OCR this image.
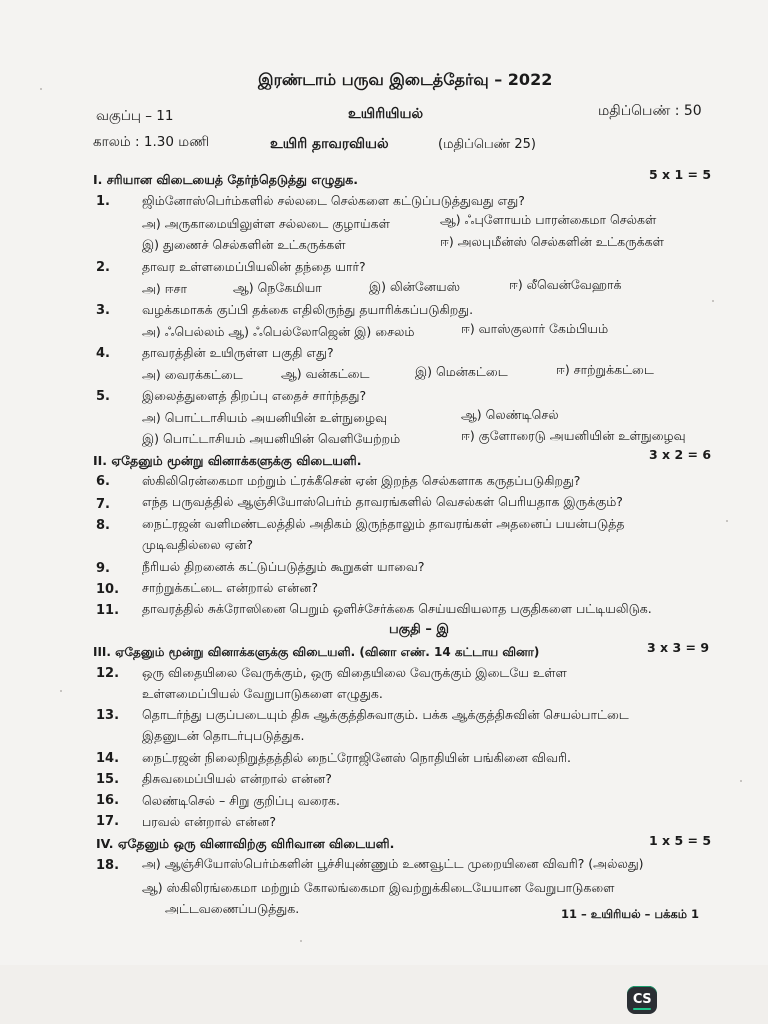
இரண்டாம் பருவ இடைத்தேர்வு – 2022
வகுப்பு – 11	உயிரியியல்	மதிப்பெண் : 50
காலம் : 1.30 மணி	உயிரி தாவரவியல்	(மதிப்பெண் 25)
I. சரியான விடையைத் தேர்ந்தெடுத்து எழுதுக.	5 x 1 = 5
1.	ஜிம்னோஸ்பெர்ம்களில் சல்லடை செல்களை கட்டுப்படுத்துவது எது?
அ) அருகாமையிலுள்ள சல்லடை குழாய்கள்	ஆ) ஃபுளோயம் பாரன்கைமா செல்கள்
இ) துணைச் செல்களின் உட்கருக்கள்	ஈ) அலபுமீன்ஸ் செல்களின் உட்கருக்கள்
2.	தாவர உள்ளமைப்பியலின் தந்தை யார்?
அ) ஈசா	ஆ) நெகேமியா	இ) லின்னேயஸ்	ஈ) லீவென்வேஹாக்
3.	வழக்கமாகக் குப்பி தக்கை எதிலிருந்து தயாரிக்கப்படுகிறது.
அ) ஃபெல்லம் ஆ) ஃபெல்லோஜென் இ) சைலம்	ஈ) வாஸ்குலார் கேம்பியம்
4.	தாவரத்தின் உயிருள்ள பகுதி எது?
அ) வைரக்கட்டை	ஆ) வன்கட்டை	இ) மென்கட்டை	ஈ) சாற்றுக்கட்டை
5.	இலைத்துளைத் திறப்பு எதைச் சார்ந்தது?
அ) பொட்டாசியம் அயனியின் உள்நுழைவு	ஆ) லெண்டிசெல்
இ) பொட்டாசியம் அயனியின் வெளியேற்றம்	ஈ) குளோரைடு அயனியின் உள்நுழைவு
II. ஏதேனும் மூன்று வினாக்களுக்கு விடையளி.	3 x 2 = 6
6.	ஸ்கிலிரென்கைமா மற்றும் ட்ரக்கீசென் ஏன் இறந்த செல்களாக கருதப்படுகிறது?
7.	எந்த பருவத்தில் ஆஞ்சியோஸ்பெர்ம் தாவரங்களில் வெசல்கள் பெரியதாக இருக்கும்?
8.	நைட்ரஜன் வளிமண்டலத்தில் அதிகம் இருந்தாலும் தாவரங்கள் அதனைப் பயன்படுத்த
முடிவதில்லை ஏன்?
9.	நீரியல் திறனைக் கட்டுப்படுத்தும் கூறுகள் யாவை?
10. சாற்றுக்கட்டை என்றால் என்ன?
11. தாவரத்தில் சுக்ரோஸினை பெறும் ஒளிச்சேர்க்கை செய்யவியலாத பகுதிகளை பட்டியலிடுக.
பகுதி – இ
III. ஏதேனும் மூன்று வினாக்களுக்கு விடையளி. (வினா எண். 14 கட்டாய வினா)	3 x 3 = 9
12. ஒரு விதையிலை வேருக்கும், ஒரு விதையிலை வேருக்கும் இடையே உள்ள
உள்ளமைப்பியல் வேறுபாடுகளை எழுதுக.
13. தொடர்ந்து பகுப்படையும் திசு ஆக்குத்திசுவாகும். பக்க ஆக்குத்திசுவின் செயல்பாட்டை
இதனுடன் தொடர்புபடுத்துக.
14. நைட்ரஜன் நிலைநிறுத்தத்தில் நைட்ரோஜினேஸ் நொதியின் பங்கினை விவரி.
15. திசுவமைப்பியல் என்றால் என்ன?
16. லெண்டிசெல் – சிறு குறிப்பு வரைக.
17. பரவல் என்றால் என்ன?
IV. ஏதேனும் ஒரு வினாவிற்கு விரிவான விடையளி.	1 x 5 = 5
18. அ) ஆஞ்சியோஸ்பெர்ம்களின் பூச்சியுண்ணும் உணவூட்ட முறையினை விவரி? (அல்லது)
ஆ) ஸ்கிலிரங்கைமா மற்றும் கோலங்கைமா இவற்றுக்கிடையேயான வேறுபாடுகளை
அட்டவணைப்படுத்துக.	11 – உயிரியல் – பக்கம் 1
CS
